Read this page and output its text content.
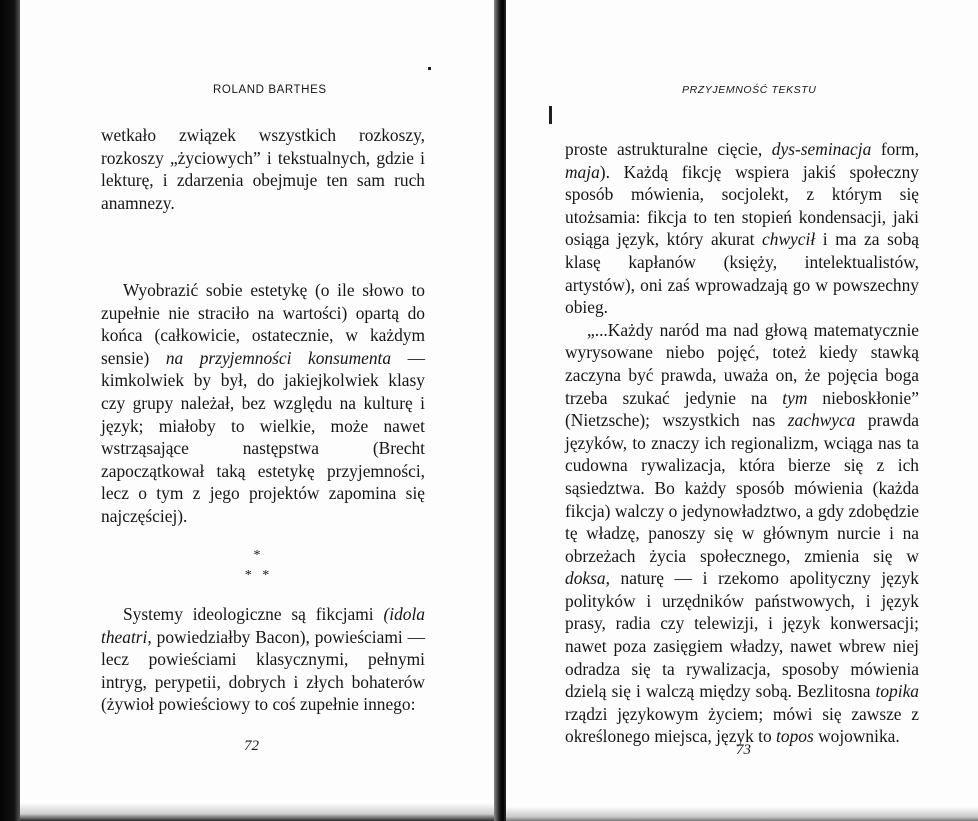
ROLAND BARTHES

wetkało związek wszystkich rozkoszy, rozkoszy „życiowych” i tekstualnych, gdzie i lekturę, i zdarzenia obejmuje ten sam ruch anamnezy.

Wyobrazić sobie estetykę (o ile słowo to zupełnie nie straciło na wartości) opartą do końca (całkowicie, ostatecznie, w każdym sensie) na przyjemności konsumenta — kimkolwiek by był, do jakiejkolwiek klasy czy grupy należał, bez względu na kulturę i język; miałoby to wielkie, może nawet wstrząsające następstwa (Brecht zapoczątkował taką estetykę przyjemności, lecz o tym z jego projektów zapomina się najczęściej).

*
*   *

Systemy ideologiczne są fikcjami (idola theatri, powiedziałby Bacon), powieściami — lecz powieściami klasycznymi, pełnymi intryg, perypetii, dobrych i złych bohaterów (żywioł powieściowy to coś zupełnie innego:

72
PRZYJEMNOŚĆ TEKSTU

proste astrukturalne cięcie, dys-seminacja form, maja). Każdą fikcję wspiera jakiś społeczny sposób mówienia, socjolekt, z którym się utożsamia: fikcja to ten stopień kondensacji, jaki osiąga język, który akurat chwycił i ma za sobą klasę kapłanów (księży, intelektualistów, artystów), oni zaś wprowadzają go w powszechny obieg.

„...Każdy naród ma nad głową matematycznie wyrysowane niebo pojęć, toteż kiedy stawką zaczyna być prawda, uważa on, że pojęcia boga trzeba szukać jedynie na tym nieboskłonie” (Nietzsche); wszystkich nas zachwyca prawda języków, to znaczy ich regionalizm, wciąga nas ta cudowna rywalizacja, która bierze się z ich sąsiedztwa. Bo każdy sposób mówienia (każda fikcja) walczy o jedynowładztwo, a gdy zdobędzie tę władzę, panoszy się w głównym nurcie i na obrzeżach życia społecznego, zmienia się w doksa, naturę — i rzekomo apolityczny język polityków i urzędników państwowych, i język prasy, radia czy telewizji, i język konwersacji; nawet poza zasięgiem władzy, nawet wbrew niej odradza się ta rywalizacja, sposoby mówienia dzielą się i walczą między sobą. Bezlitosna topika rządzi językowym życiem; mówi się zawsze z określonego miejsca, język to topos wojownika.

73
